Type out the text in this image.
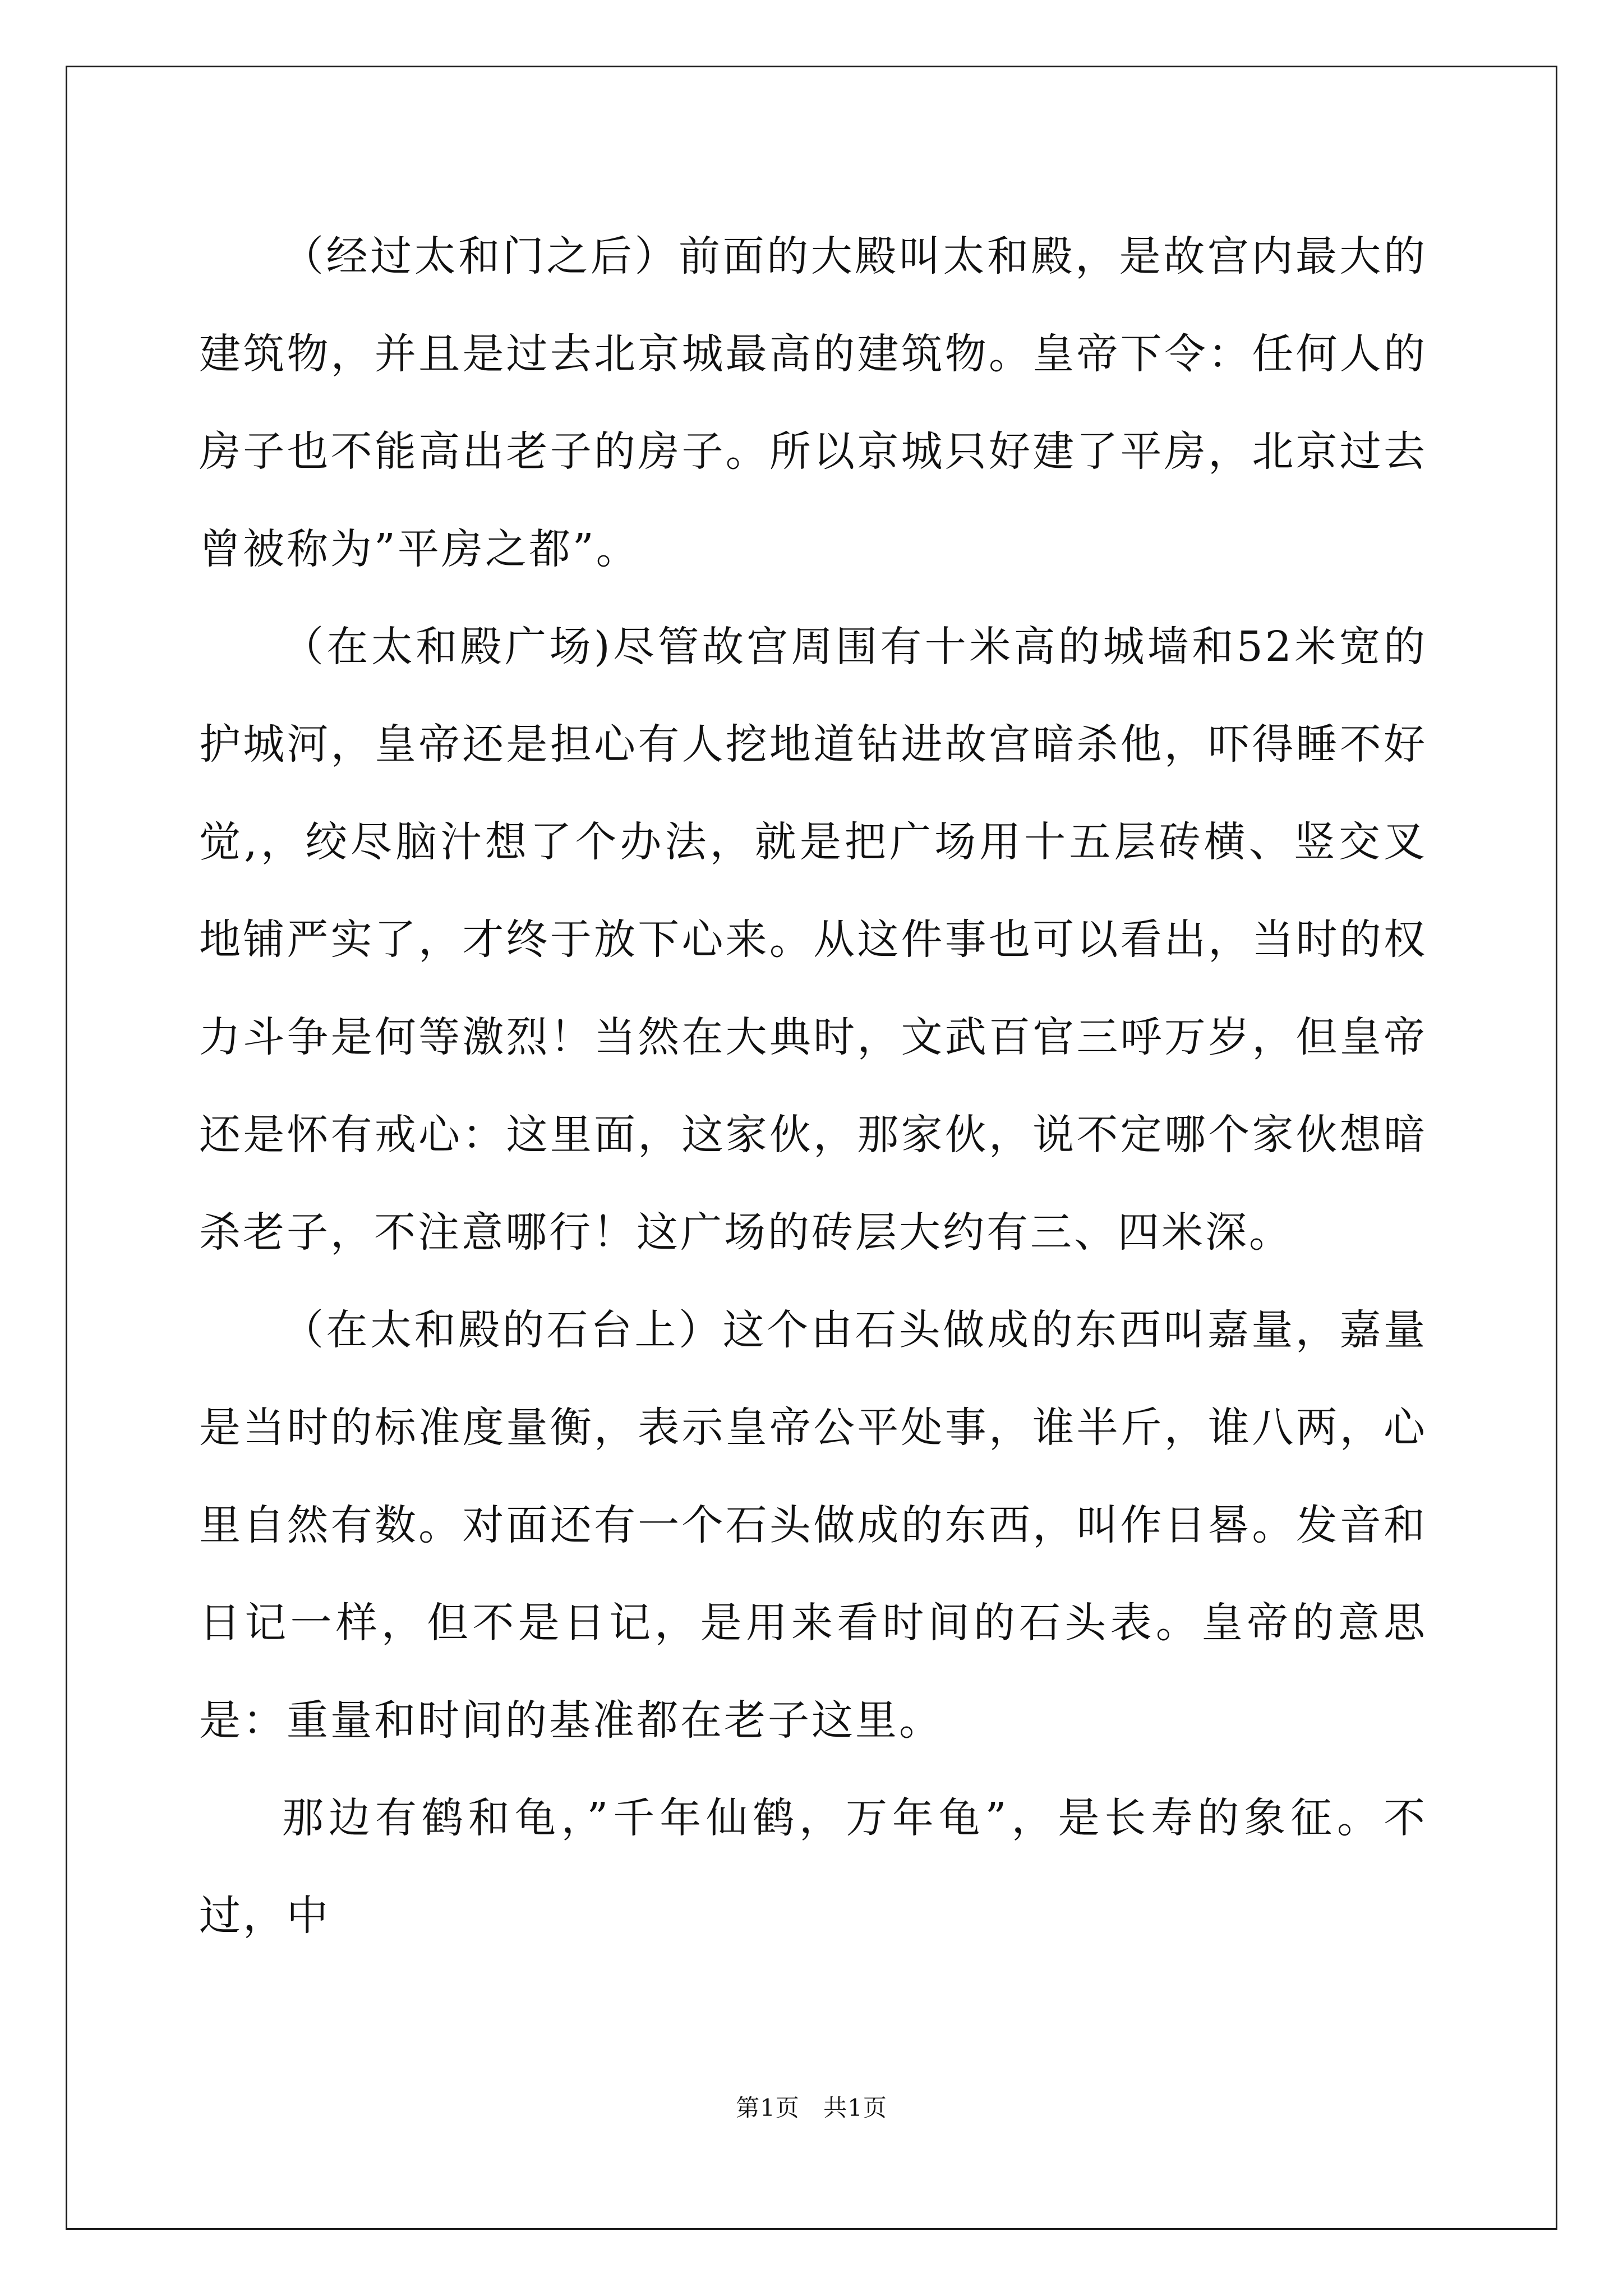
（经过太和门之后）前面的大殿叫太和殿，是故宫内最大的建筑物，并且是过去北京城最高的建筑物。皇帝下令：任何人的房子也不能高出老子的房子。所以京城只好建了平房，北京过去曾被称为”平房之都”。

（在太和殿广场)尽管故宫周围有十米高的城墙和52米宽的护城河，皇帝还是担心有人挖地道钻进故宫暗杀他，吓得睡不好觉,，绞尽脑汁想了个办法，就是把广场用十五层砖横、竖交叉地铺严实了，才终于放下心来。从这件事也可以看出，当时的权力斗争是何等激烈！当然在大典时，文武百官三呼万岁，但皇帝还是怀有戒心：这里面，这家伙，那家伙，说不定哪个家伙想暗杀老子，不注意哪行！这广场的砖层大约有三、四米深。

（在太和殿的石台上）这个由石头做成的东西叫嘉量，嘉量是当时的标准度量衡，表示皇帝公平处事，谁半斤，谁八两，心里自然有数。对面还有一个石头做成的东西，叫作日晷。发音和日记一样，但不是日记，是用来看时间的石头表。皇帝的意思是：重量和时间的基准都在老子这里。

那边有鹤和龟，”千年仙鹤，万年龟”，是长寿的象征。不过，中

第1页 共1页
